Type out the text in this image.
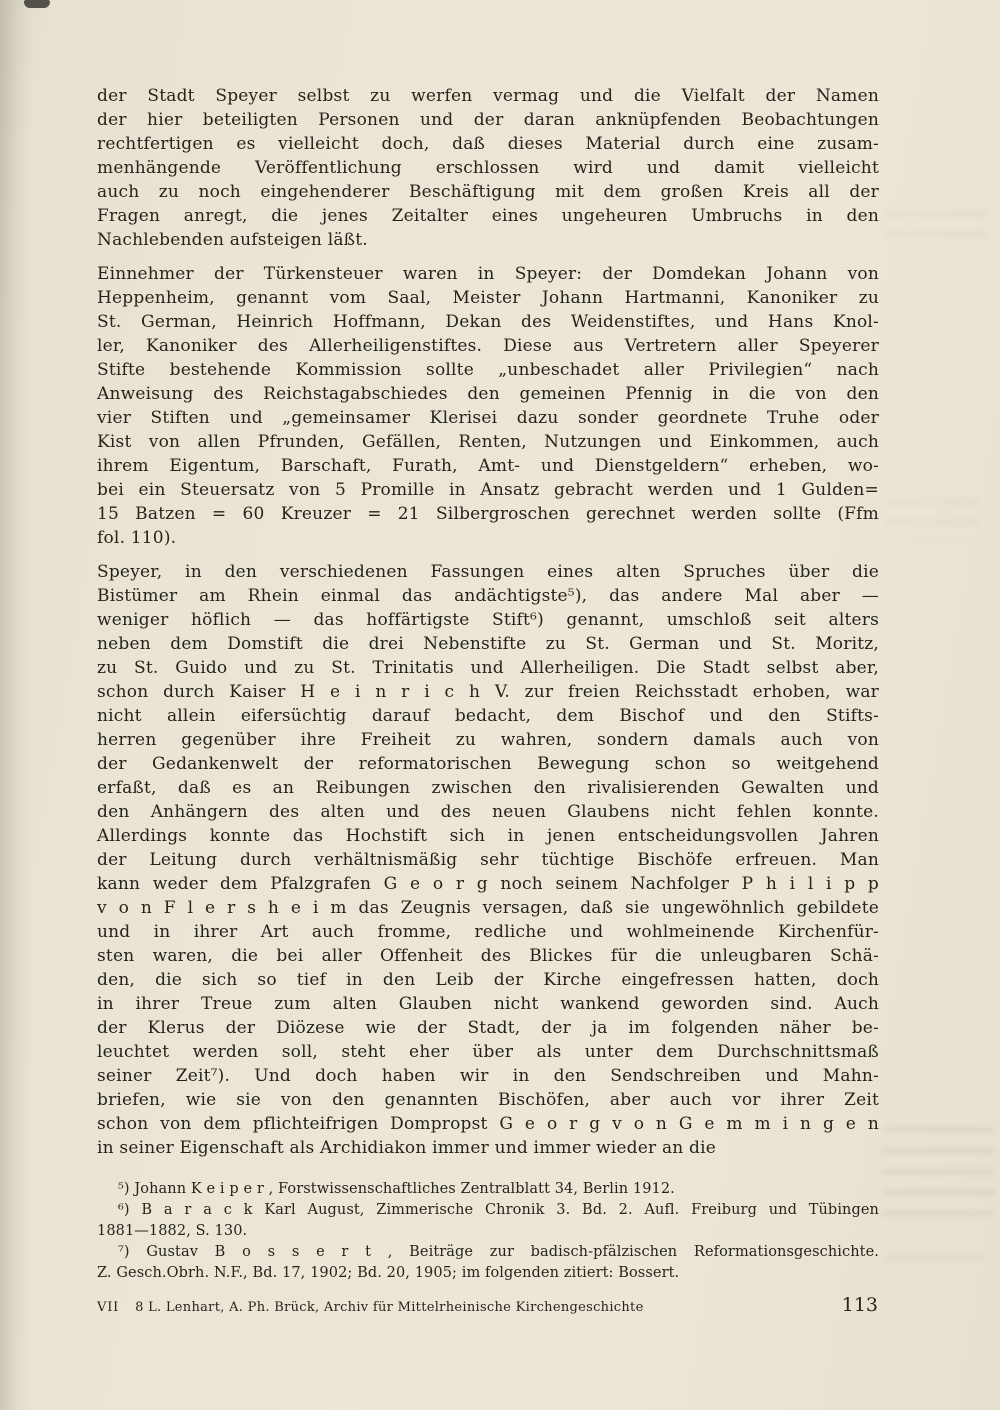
der Stadt Speyer selbst zu werfen vermag und die Vielfalt der Namen
der hier beteiligten Personen und der daran anknüpfenden Beobachtungen
rechtfertigen es vielleicht doch, daß dieses Material durch eine zusam-
menhängende Veröffentlichung erschlossen wird und damit vielleicht
auch zu noch eingehenderer Beschäftigung mit dem großen Kreis all der
Fragen anregt, die jenes Zeitalter eines ungeheuren Umbruchs in den
Nachlebenden aufsteigen läßt.
Einnehmer der Türkensteuer waren in Speyer: der Domdekan Johann von
Heppenheim, genannt vom Saal, Meister Johann Hartmanni, Kanoniker zu
St. German, Heinrich Hoffmann, Dekan des Weidenstiftes, und Hans Knol-
ler, Kanoniker des Allerheiligenstiftes. Diese aus Vertretern aller Speyerer
Stifte bestehende Kommission sollte „unbeschadet aller Privilegien“ nach
Anweisung des Reichstagabschiedes den gemeinen Pfennig in die von den
vier Stiften und „gemeinsamer Klerisei dazu sonder geordnete Truhe oder
Kist von allen Pfrunden, Gefällen, Renten, Nutzungen und Einkommen, auch
ihrem Eigentum, Barschaft, Furath, Amt- und Dienstgeldern“ erheben, wo-
bei ein Steuersatz von 5 Promille in Ansatz gebracht werden und 1 Gulden=
15 Batzen = 60 Kreuzer = 21 Silbergroschen gerechnet werden sollte (Ffm
fol. 110).
Speyer, in den verschiedenen Fassungen eines alten Spruches über die
Bistümer am Rhein einmal das andächtigste⁵), das andere Mal aber —
weniger höflich — das hoffärtigste Stift⁶) genannt, umschloß seit alters
neben dem Domstift die drei Nebenstifte zu St. German und St. Moritz,
zu St. Guido und zu St. Trinitatis und Allerheiligen. Die Stadt selbst aber,
schon durch Kaiser H e i n r i c h V. zur freien Reichsstadt erhoben, war
nicht allein eifersüchtig darauf bedacht, dem Bischof und den Stifts-
herren gegenüber ihre Freiheit zu wahren, sondern damals auch von
der Gedankenwelt der reformatorischen Bewegung schon so weitgehend
erfaßt, daß es an Reibungen zwischen den rivalisierenden Gewalten und
den Anhängern des alten und des neuen Glaubens nicht fehlen konnte.
Allerdings konnte das Hochstift sich in jenen entscheidungsvollen Jahren
der Leitung durch verhältnismäßig sehr tüchtige Bischöfe erfreuen. Man
kann weder dem Pfalzgrafen G e o r g noch seinem Nachfolger P h i l i p p
v o n F l e r s h e i m das Zeugnis versagen, daß sie ungewöhnlich gebildete
und in ihrer Art auch fromme, redliche und wohlmeinende Kirchenfür-
sten waren, die bei aller Offenheit des Blickes für die unleugbaren Schä-
den, die sich so tief in den Leib der Kirche eingefressen hatten, doch
in ihrer Treue zum alten Glauben nicht wankend geworden sind. Auch
der Klerus der Diözese wie der Stadt, der ja im folgenden näher be-
leuchtet werden soll, steht eher über als unter dem Durchschnittsmaß
seiner Zeit⁷). Und doch haben wir in den Sendschreiben und Mahn-
briefen, wie sie von den genannten Bischöfen, aber auch vor ihrer Zeit
schon von dem pflichteifrigen Dompropst G e o r g v o n G e m m i n g e n
in seiner Eigenschaft als Archidiakon immer und immer wieder an die
⁵) Johann K e i p e r , Forstwissenschaftliches Zentralblatt 34, Berlin 1912.
⁶) B a r a c k Karl August, Zimmerische Chronik 3. Bd. 2. Aufl. Freiburg und Tübingen
1881—1882, S. 130.
⁷) Gustav B o s s e r t , Beiträge zur badisch-pfälzischen Reformationsgeschichte.
Z. Gesch.Obrh. N.F., Bd. 17, 1902; Bd. 20, 1905; im folgenden zitiert: Bossert.
VII 8 L. Lenhart, A. Ph. Brück, Archiv für Mittelrheinische Kirchengeschichte	113
